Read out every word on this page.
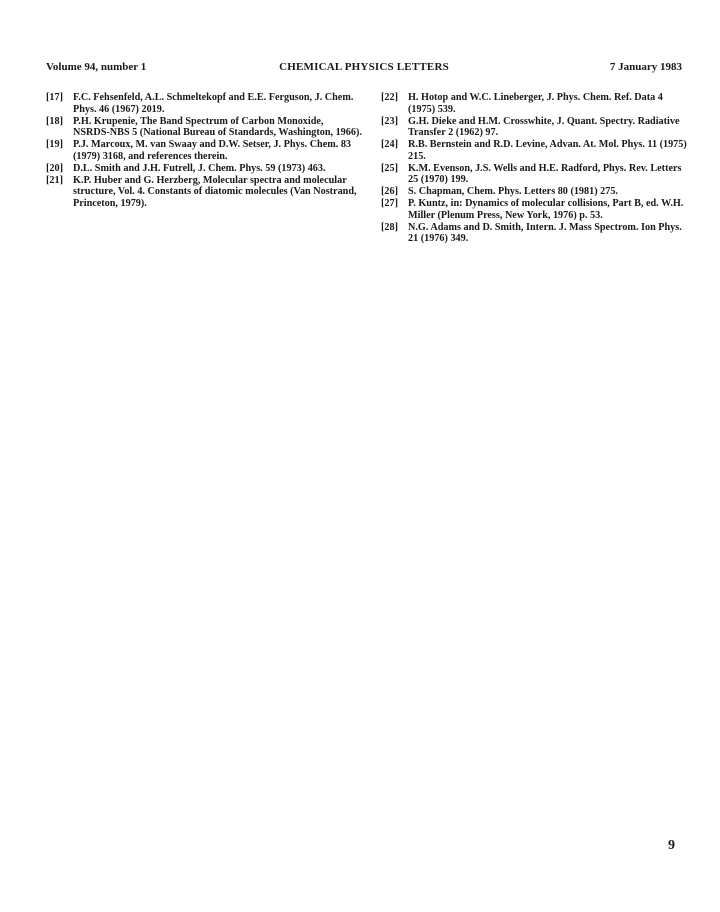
Volume 94, number 1	CHEMICAL PHYSICS LETTERS	7 January 1983
[17] F.C. Fehsenfeld, A.L. Schmeltekopf and E.E. Ferguson, J. Chem. Phys. 46 (1967) 2019.
[18] P.H. Krupenie, The Band Spectrum of Carbon Monoxide, NSRDS-NBS 5 (National Bureau of Standards, Washington, 1966).
[19] P.J. Marcoux, M. van Swaay and D.W. Setser, J. Phys. Chem. 83 (1979) 3168, and references therein.
[20] D.L. Smith and J.H. Futrell, J. Chem. Phys. 59 (1973) 463.
[21] K.P. Huber and G. Herzberg, Molecular spectra and molecular structure, Vol. 4. Constants of diatomic molecules (Van Nostrand, Princeton, 1979).
[22] H. Hotop and W.C. Lineberger, J. Phys. Chem. Ref. Data 4 (1975) 539.
[23] G.H. Dieke and H.M. Crosswhite, J. Quant. Spectry. Radiative Transfer 2 (1962) 97.
[24] R.B. Bernstein and R.D. Levine, Advan. At. Mol. Phys. 11 (1975) 215.
[25] K.M. Evenson, J.S. Wells and H.E. Radford, Phys. Rev. Letters 25 (1970) 199.
[26] S. Chapman, Chem. Phys. Letters 80 (1981) 275.
[27] P. Kuntz, in: Dynamics of molecular collisions, Part B, ed. W.H. Miller (Plenum Press, New York, 1976) p. 53.
[28] N.G. Adams and D. Smith, Intern. J. Mass Spectrom. Ion Phys. 21 (1976) 349.
9
